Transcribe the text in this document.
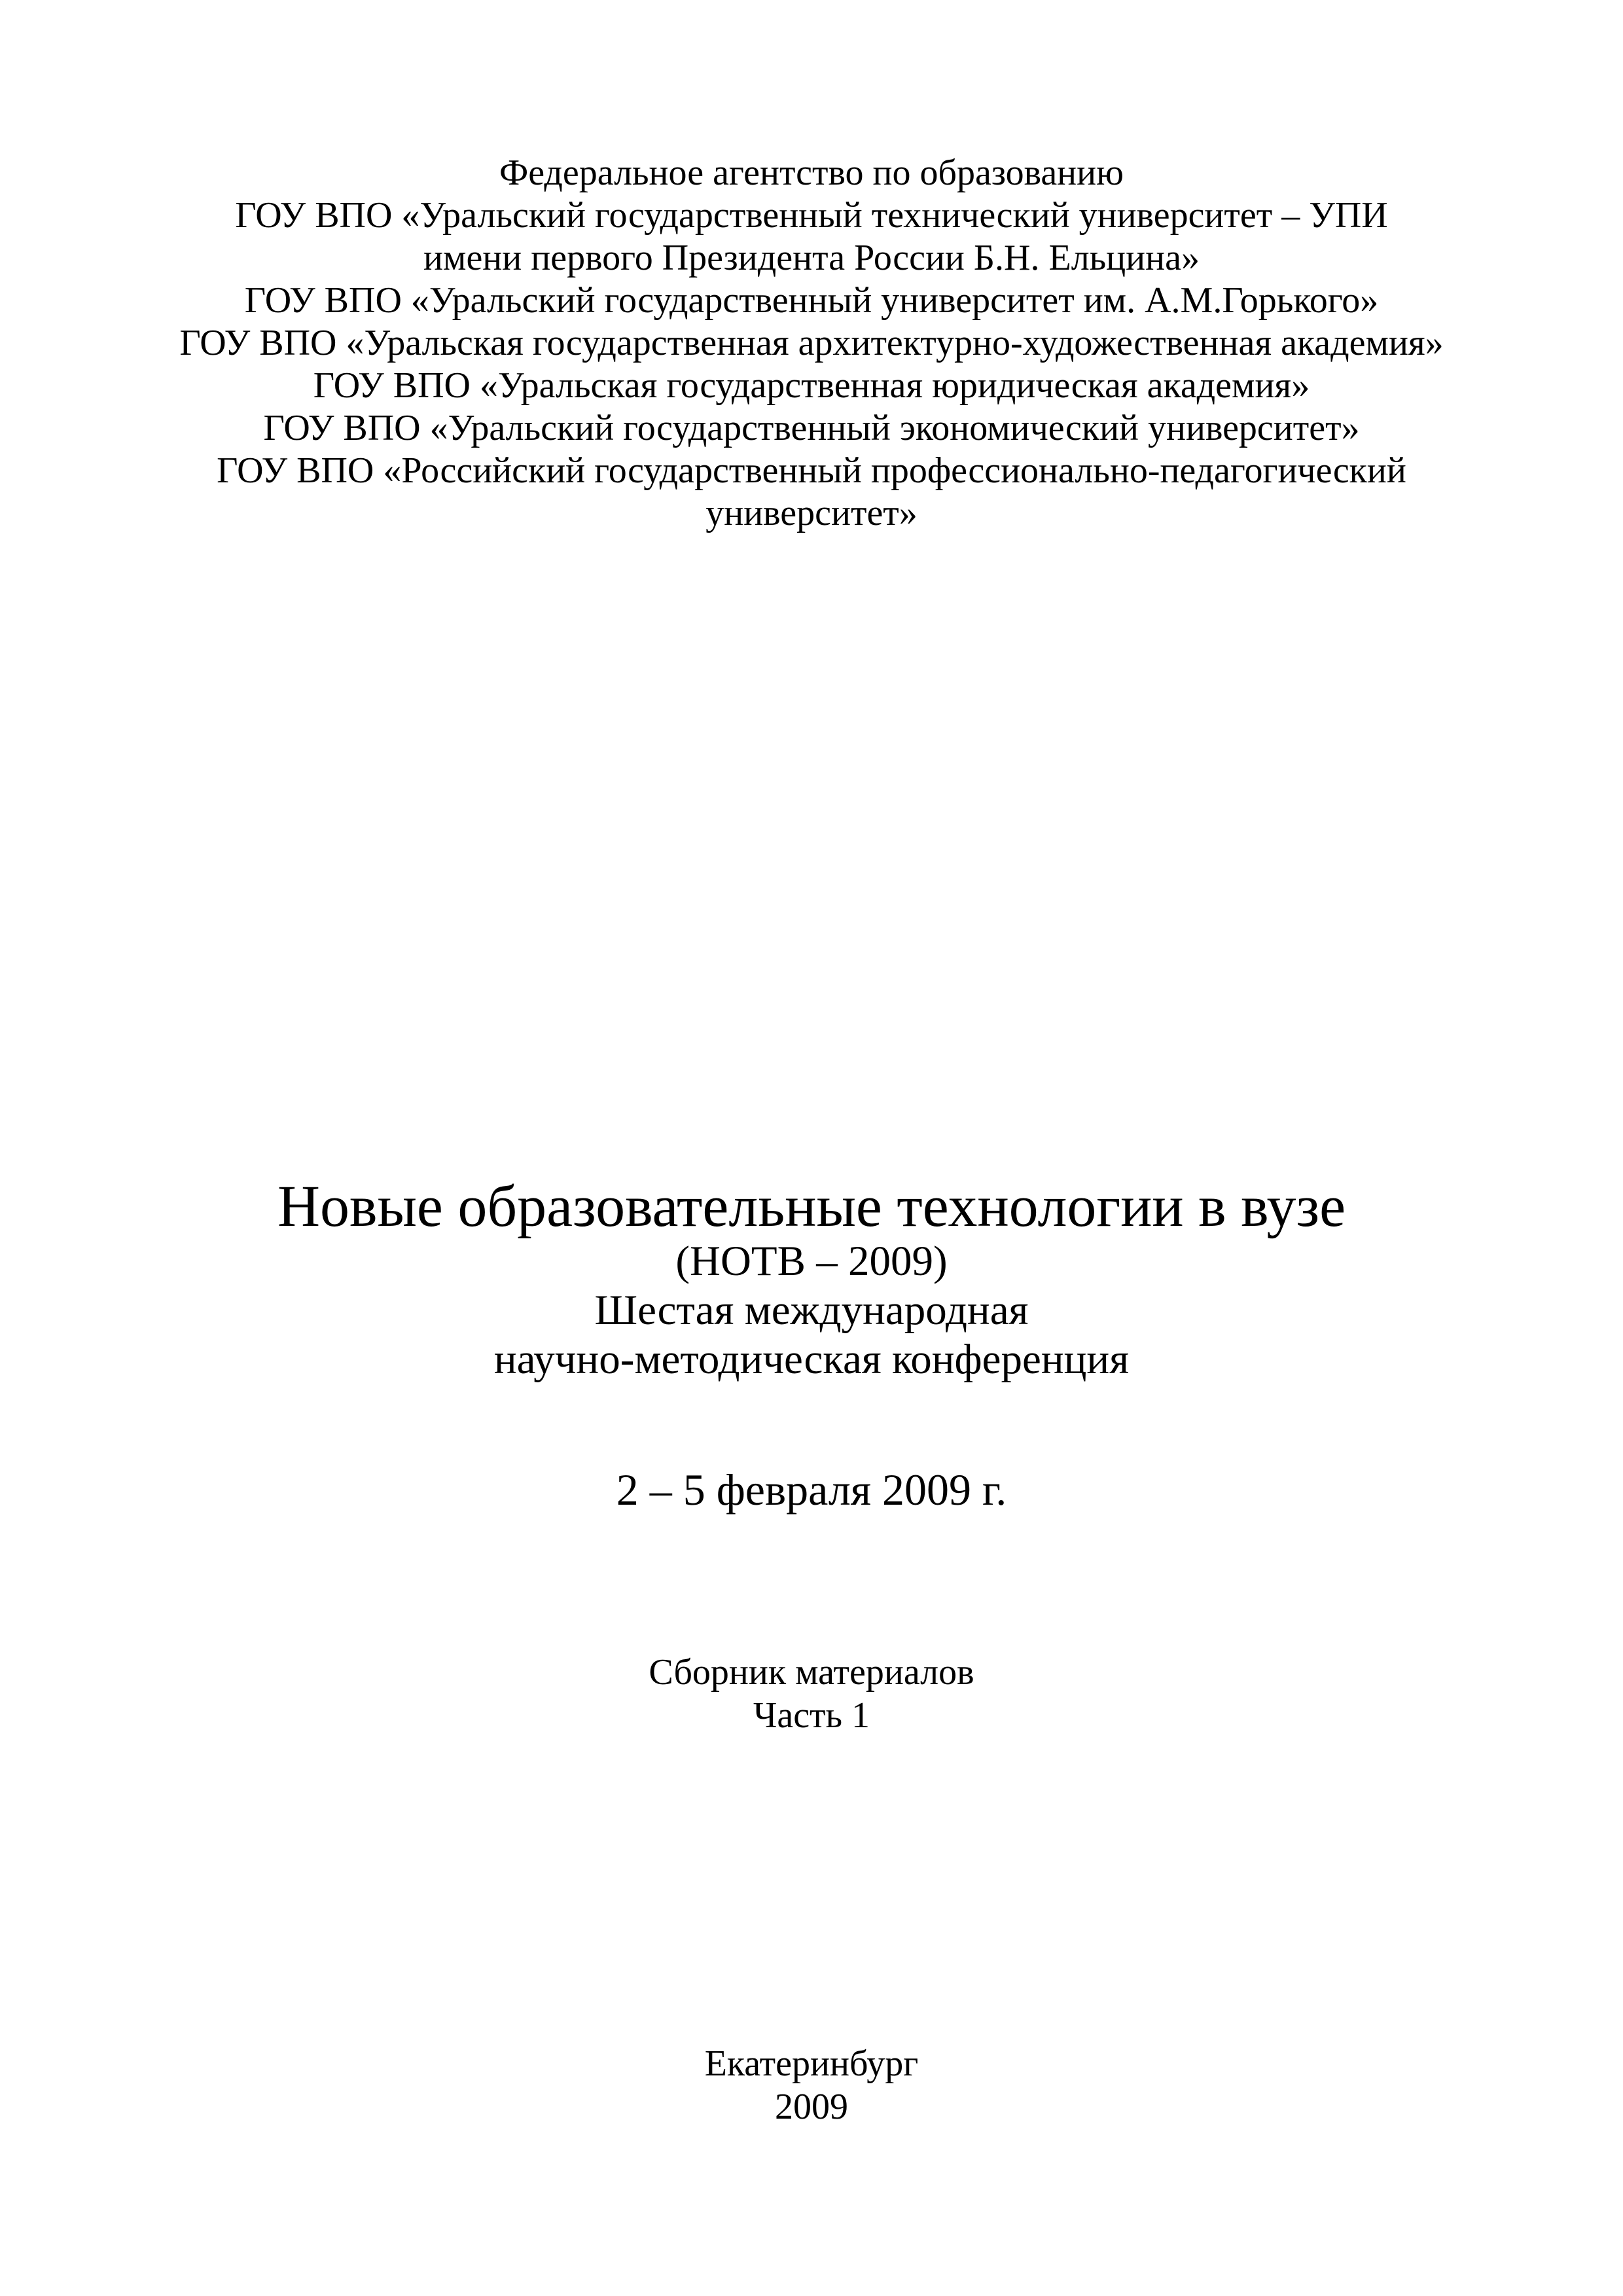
Федеральное агентство по образованию
ГОУ ВПО «Уральский государственный технический университет – УПИ
имени первого Президента России Б.Н. Ельцина»
ГОУ ВПО «Уральский государственный университет им. А.М.Горького»
ГОУ ВПО «Уральская государственная архитектурно-художественная академия»
ГОУ ВПО «Уральская государственная юридическая академия»
ГОУ ВПО «Уральский государственный экономический университет»
ГОУ ВПО «Российский государственный профессионально-педагогический
университет»
Новые образовательные технологии в вузе
(НОТВ – 2009)
Шестая международная
научно-методическая конференция
2 – 5 февраля 2009 г.
Сборник материалов
Часть 1
Екатеринбург
2009
